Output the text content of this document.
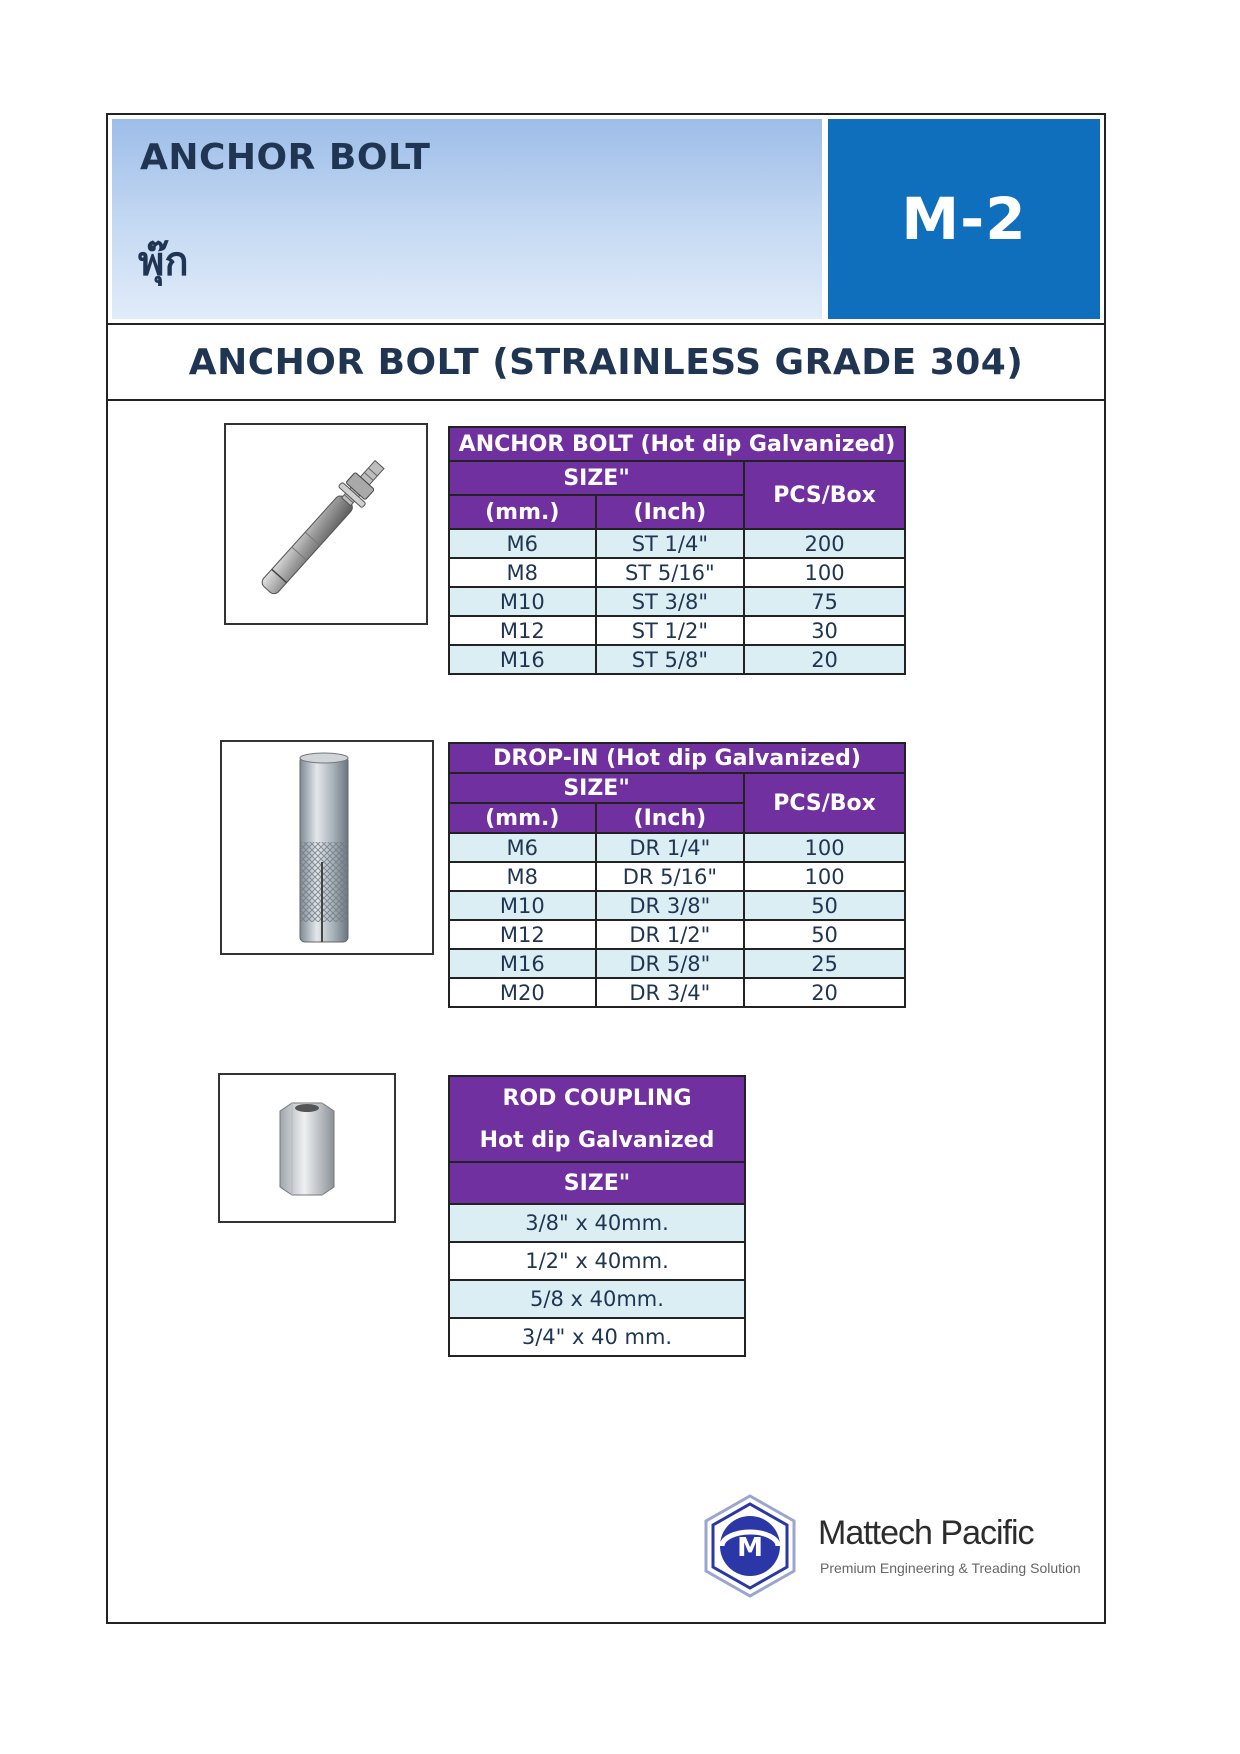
ANCHOR BOLT
พุ๊ก
M-2
ANCHOR BOLT (STRAINLESS GRADE 304)
ANCHOR BOLT (Hot dip Galvanized)		
SIZE"		PCS/Box
(mm.)	(Inch)	
M6	ST 1/4"	200
M8	ST 5/16"	100
M10	ST 3/8"	75
M12	ST 1/2"	30
M16	ST 5/8"	20
DROP-IN (Hot dip Galvanized)		
SIZE"		PCS/Box
(mm.)	(Inch)	
M6	DR 1/4"	100
M8	DR 5/16"	100
M10	DR 3/8"	50
M12	DR 1/2"	50
M16	DR 5/8"	25
M20	DR 3/4"	20
ROD COUPLING
Hot dip Galvanized
SIZE"
3/8" x 40mm.
1/2" x 40mm.
5/8 x 40mm.
3/4" x 40 mm.
M Mattech Pacific
Premium Engineering & Treading Solution
